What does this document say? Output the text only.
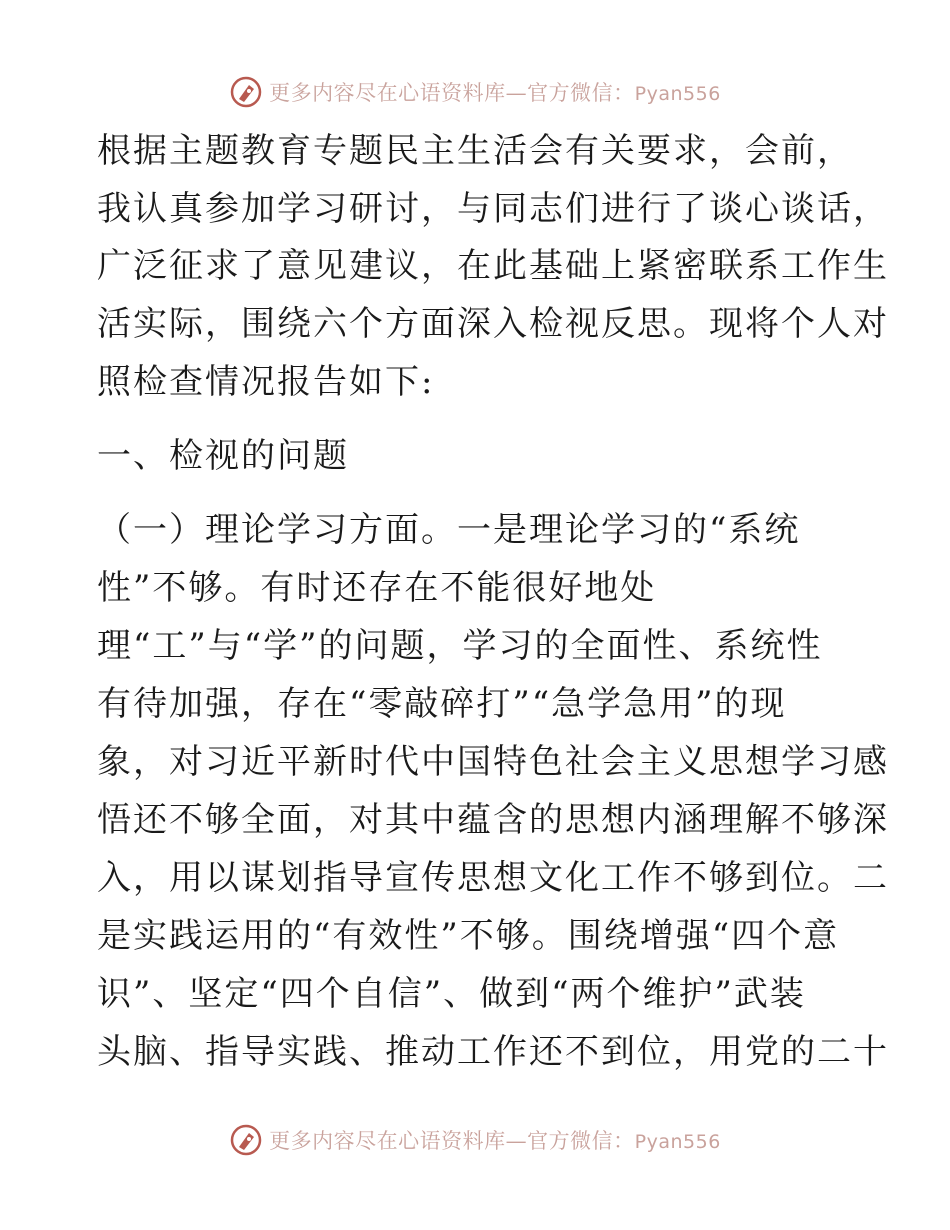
更多内容尽在心语资料库—官方微信：Pyan556
根据主题教育专题民主生活会有关要求，会前，
我认真参加学习研讨，与同志们进行了谈心谈话，
广泛征求了意见建议，在此基础上紧密联系工作生
活实际，围绕六个方面深入检视反思。现将个人对
照检查情况报告如下:
一、检视的问题
（一）理论学习方面。一是理论学习的“系统
性”不够。有时还存在不能很好地处
理“工”与“学”的问题，学习的全面性、系统性
有待加强，存在“零敲碎打”“急学急用”的现
象，对习近平新时代中国特色社会主义思想学习感
悟还不够全面，对其中蕴含的思想内涵理解不够深
入，用以谋划指导宣传思想文化工作不够到位。二
是实践运用的“有效性”不够。围绕增强“四个意
识”、坚定“四个自信”、做到“两个维护”武装
头脑、指导实践、推动工作还不到位，用党的二十
更多内容尽在心语资料库—官方微信：Pyan556
